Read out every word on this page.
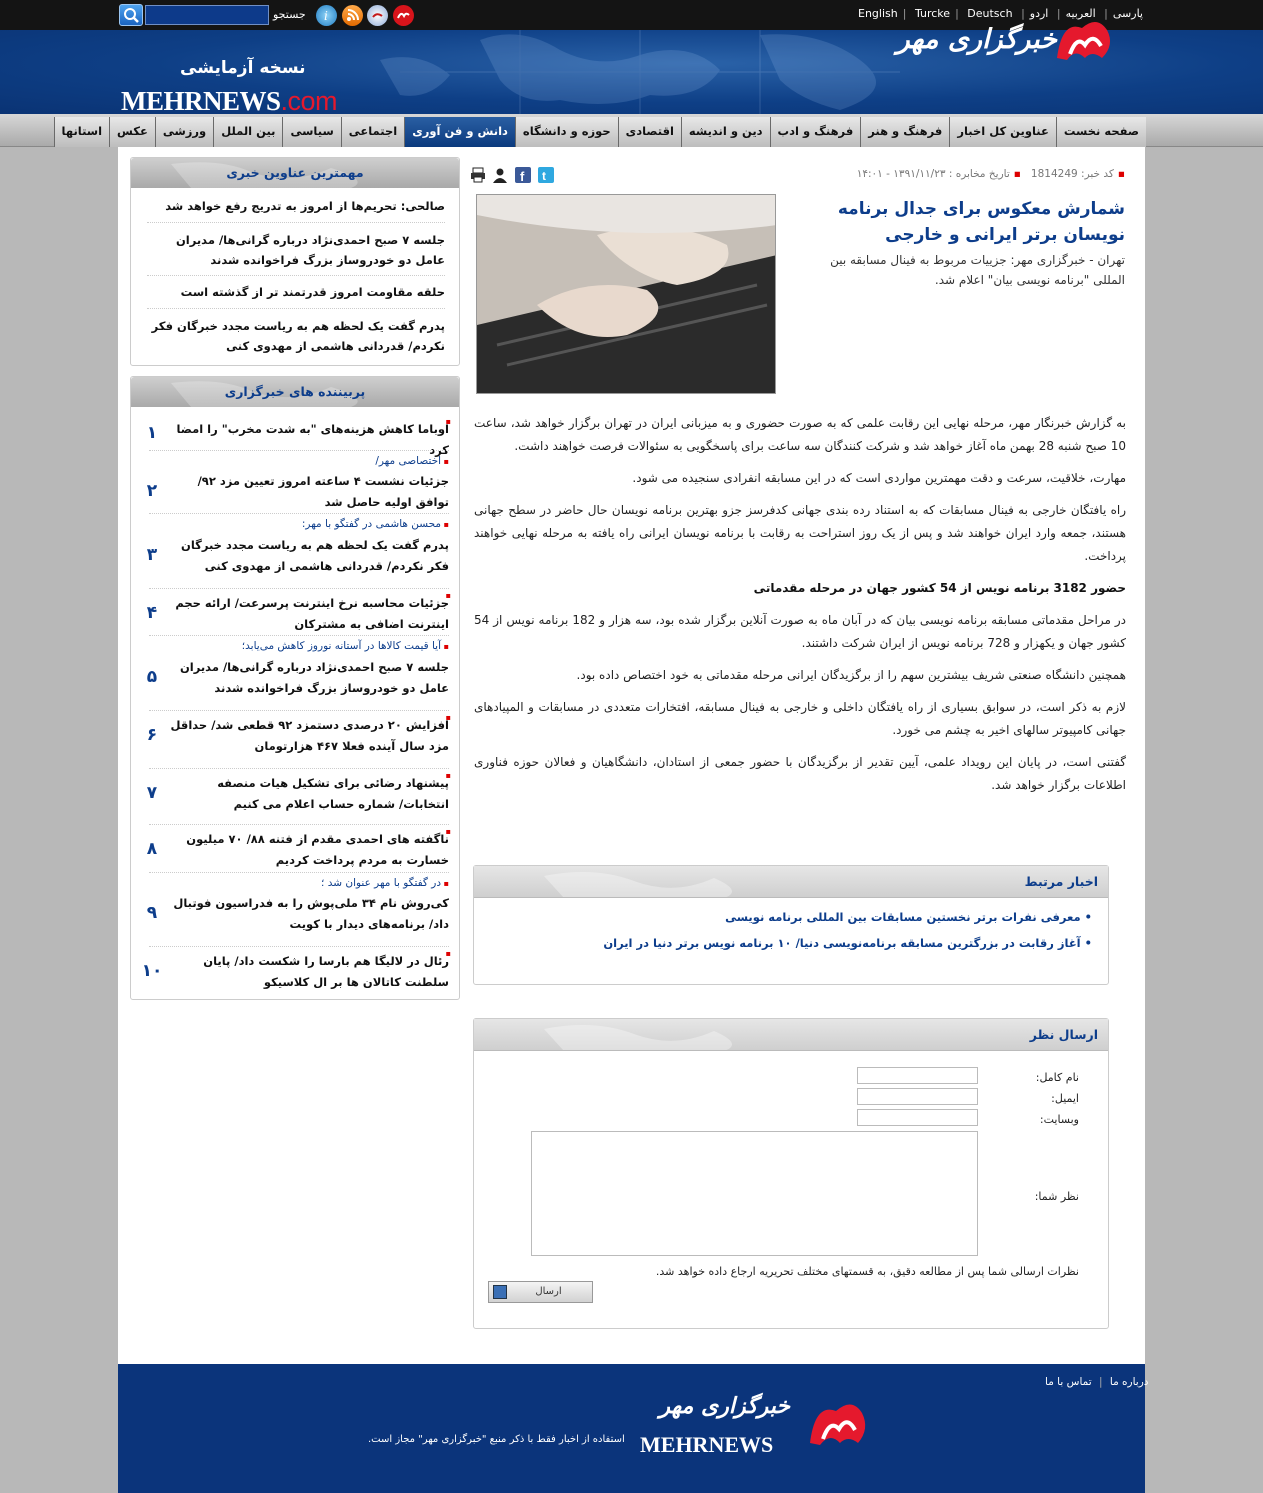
پارسی| العربیه| اردو| English | Turcke | Deutsch
i
جستجو
نسخه آزمایشی
MEHRNEWS.com
خبرگزاری مهر
صفحه نخست
عناوین کل اخبار
فرهنگ و هنر
فرهنگ و ادب
دین و اندیشه
اقتصادی
حوزه و دانشگاه
دانش و فن آوری
اجتماعی
سیاسی
بین الملل
ورزشی
عکس
استانها
▪کد خبر: 1814249   ▪تاریخ مخابره : ۱۳۹۱/۱۱/۲۳ - ۱۴:۰۱
f t
شمارش معکوس برای جدال برنامه نویسان برتر ایرانی و خارجی
تهران - خبرگزاری مهر: جزییات مربوط به فینال مسابقه بین المللی "برنامه نویسی بیان" اعلام شد.

به گزارش خبرنگار مهر، مرحله نهایی این رقابت علمی که به صورت حضوری و به میزبانی ایران در تهران برگزار خواهد شد، ساعت 10 صبح شنبه 28 بهمن ماه آغاز خواهد شد و شرکت کنندگان سه ساعت برای پاسخگویی به سئوالات فرصت خواهند داشت.

مهارت، خلاقیت، سرعت و دقت مهمترین مواردی است که در این مسابقه انفرادی سنجیده می شود.

راه یافتگان خارجی به فینال مسابقات که به استناد رده بندی جهانی کدفرسز جزو بهترین برنامه نویسان حال حاضر در سطح جهانی هستند، جمعه وارد ایران خواهند شد و پس از یک روز استراحت به رقابت با برنامه نویسان ایرانی راه یافته به مرحله نهایی خواهند پرداخت.

حضور 3182 برنامه نویس از 54 کشور جهان در مرحله مقدماتی

در مراحل مقدماتی مسابقه برنامه نویسی بیان که در آبان ماه به صورت آنلاین برگزار شده بود، سه هزار و 182 برنامه نویس از 54 کشور جهان و یکهزار و 728 برنامه نویس از ایران شرکت داشتند.

همچنین دانشگاه صنعتی شریف بیشترین سهم را از برگزیدگان ایرانی مرحله مقدماتی به خود اختصاص داده بود.

لازم به ذکر است، در سوابق بسیاری از راه یافتگان داخلی و خارجی به فینال مسابقه، افتخارات متعددی در مسابقات و المپیادهای جهانی کامپیوتر سالهای اخیر به چشم می خورد.

گفتنی است، در پایان این رویداد علمی، آیین تقدیر از برگزیدگان با حضور جمعی از استادان، دانشگاهیان و فعالان حوزه فناوری اطلاعات برگزار خواهد شد.

اخبار مرتبط
• معرفی نفرات برتر نخستین مسابقات بین المللی برنامه نویسی
• آغاز رقابت در بزرگترین مسابقه برنامه‌نویسی دنیا/ ۱۰ برنامه نویس برتر دنیا در ایران
ارسال نظر
نام کامل:
ایمیل:
وبسایت:
نظر شما:
نظرات ارسالی شما پس از مطالعه دقیق، به قسمتهای مختلف تحریریه ارجاع داده خواهد شد.
ارسال
مهمترین عناوین خبری
صالحی: تحریم‌ها از امروز به تدریج رفع خواهد شد
جلسه ۷ صبح احمدی‌نژاد درباره گرانی‌ها/ مدیران عامل دو خودروساز بزرگ فراخوانده شدند
حلقه مقاومت امروز قدرتمند تر از گذشته است
پدرم گفت یک لحظه هم به ریاست مجدد خبرگان فکر نکردم/ قدردانی هاشمی از مهدوی کنی
پربیننده های خبرگزاری
▪
اوباما کاهش هزینه‌های "به شدت مخرب" را امضا کرد
۱
▪ اختصاصی مهر/
جزئیات نشست ۴ ساعته امروز تعیین مزد ۹۲/ توافق اولیه حاصل شد
۲
▪ محسن هاشمی در گفتگو با مهر:
پدرم گفت یک لحظه هم به ریاست مجدد خبرگان فکر نکردم/ قدردانی هاشمی از مهدوی کنی
۳
▪
جزئیات محاسبه نرخ اینترنت پرسرعت/ ارائه حجم اینترنت اضافی به مشترکان
۴
▪ آیا قیمت کالاها در آستانه نوروز کاهش می‌یابد؛
جلسه ۷ صبح احمدی‌نژاد درباره گرانی‌ها/ مدیران عامل دو خودروساز بزرگ فراخوانده شدند
۵
▪
افزایش ۲۰ درصدی دستمزد ۹۲ قطعی شد/ حداقل مزد سال آینده فعلا ۴۶۷ هزارتومان
۶
▪
پیشنهاد رضائی برای تشکیل هیات منصفه انتخابات/ شماره حساب اعلام می کنیم
۷
▪
ناگفته های احمدی مقدم از فتنه ۸۸/ ۷۰ میلیون خسارت به مردم پرداخت کردیم
۸
▪ در گفتگو با مهر عنوان شد ؛
کی‌روش نام ۳۴ ملی‌پوش را به فدراسیون فوتبال داد/ برنامه‌های دیدار با کویت
۹
▪
رئال در لالیگا هم بارسا را شکست داد/ پایان سلطنت کاتالان ها بر ال کلاسیکو
۱۰
درباره ما | تماس با ما
خبرگزاری مهر
MEHRNEWS
استفاده از اخبار فقط با ذکر منبع "خبرگزاری مهر" مجاز است.
